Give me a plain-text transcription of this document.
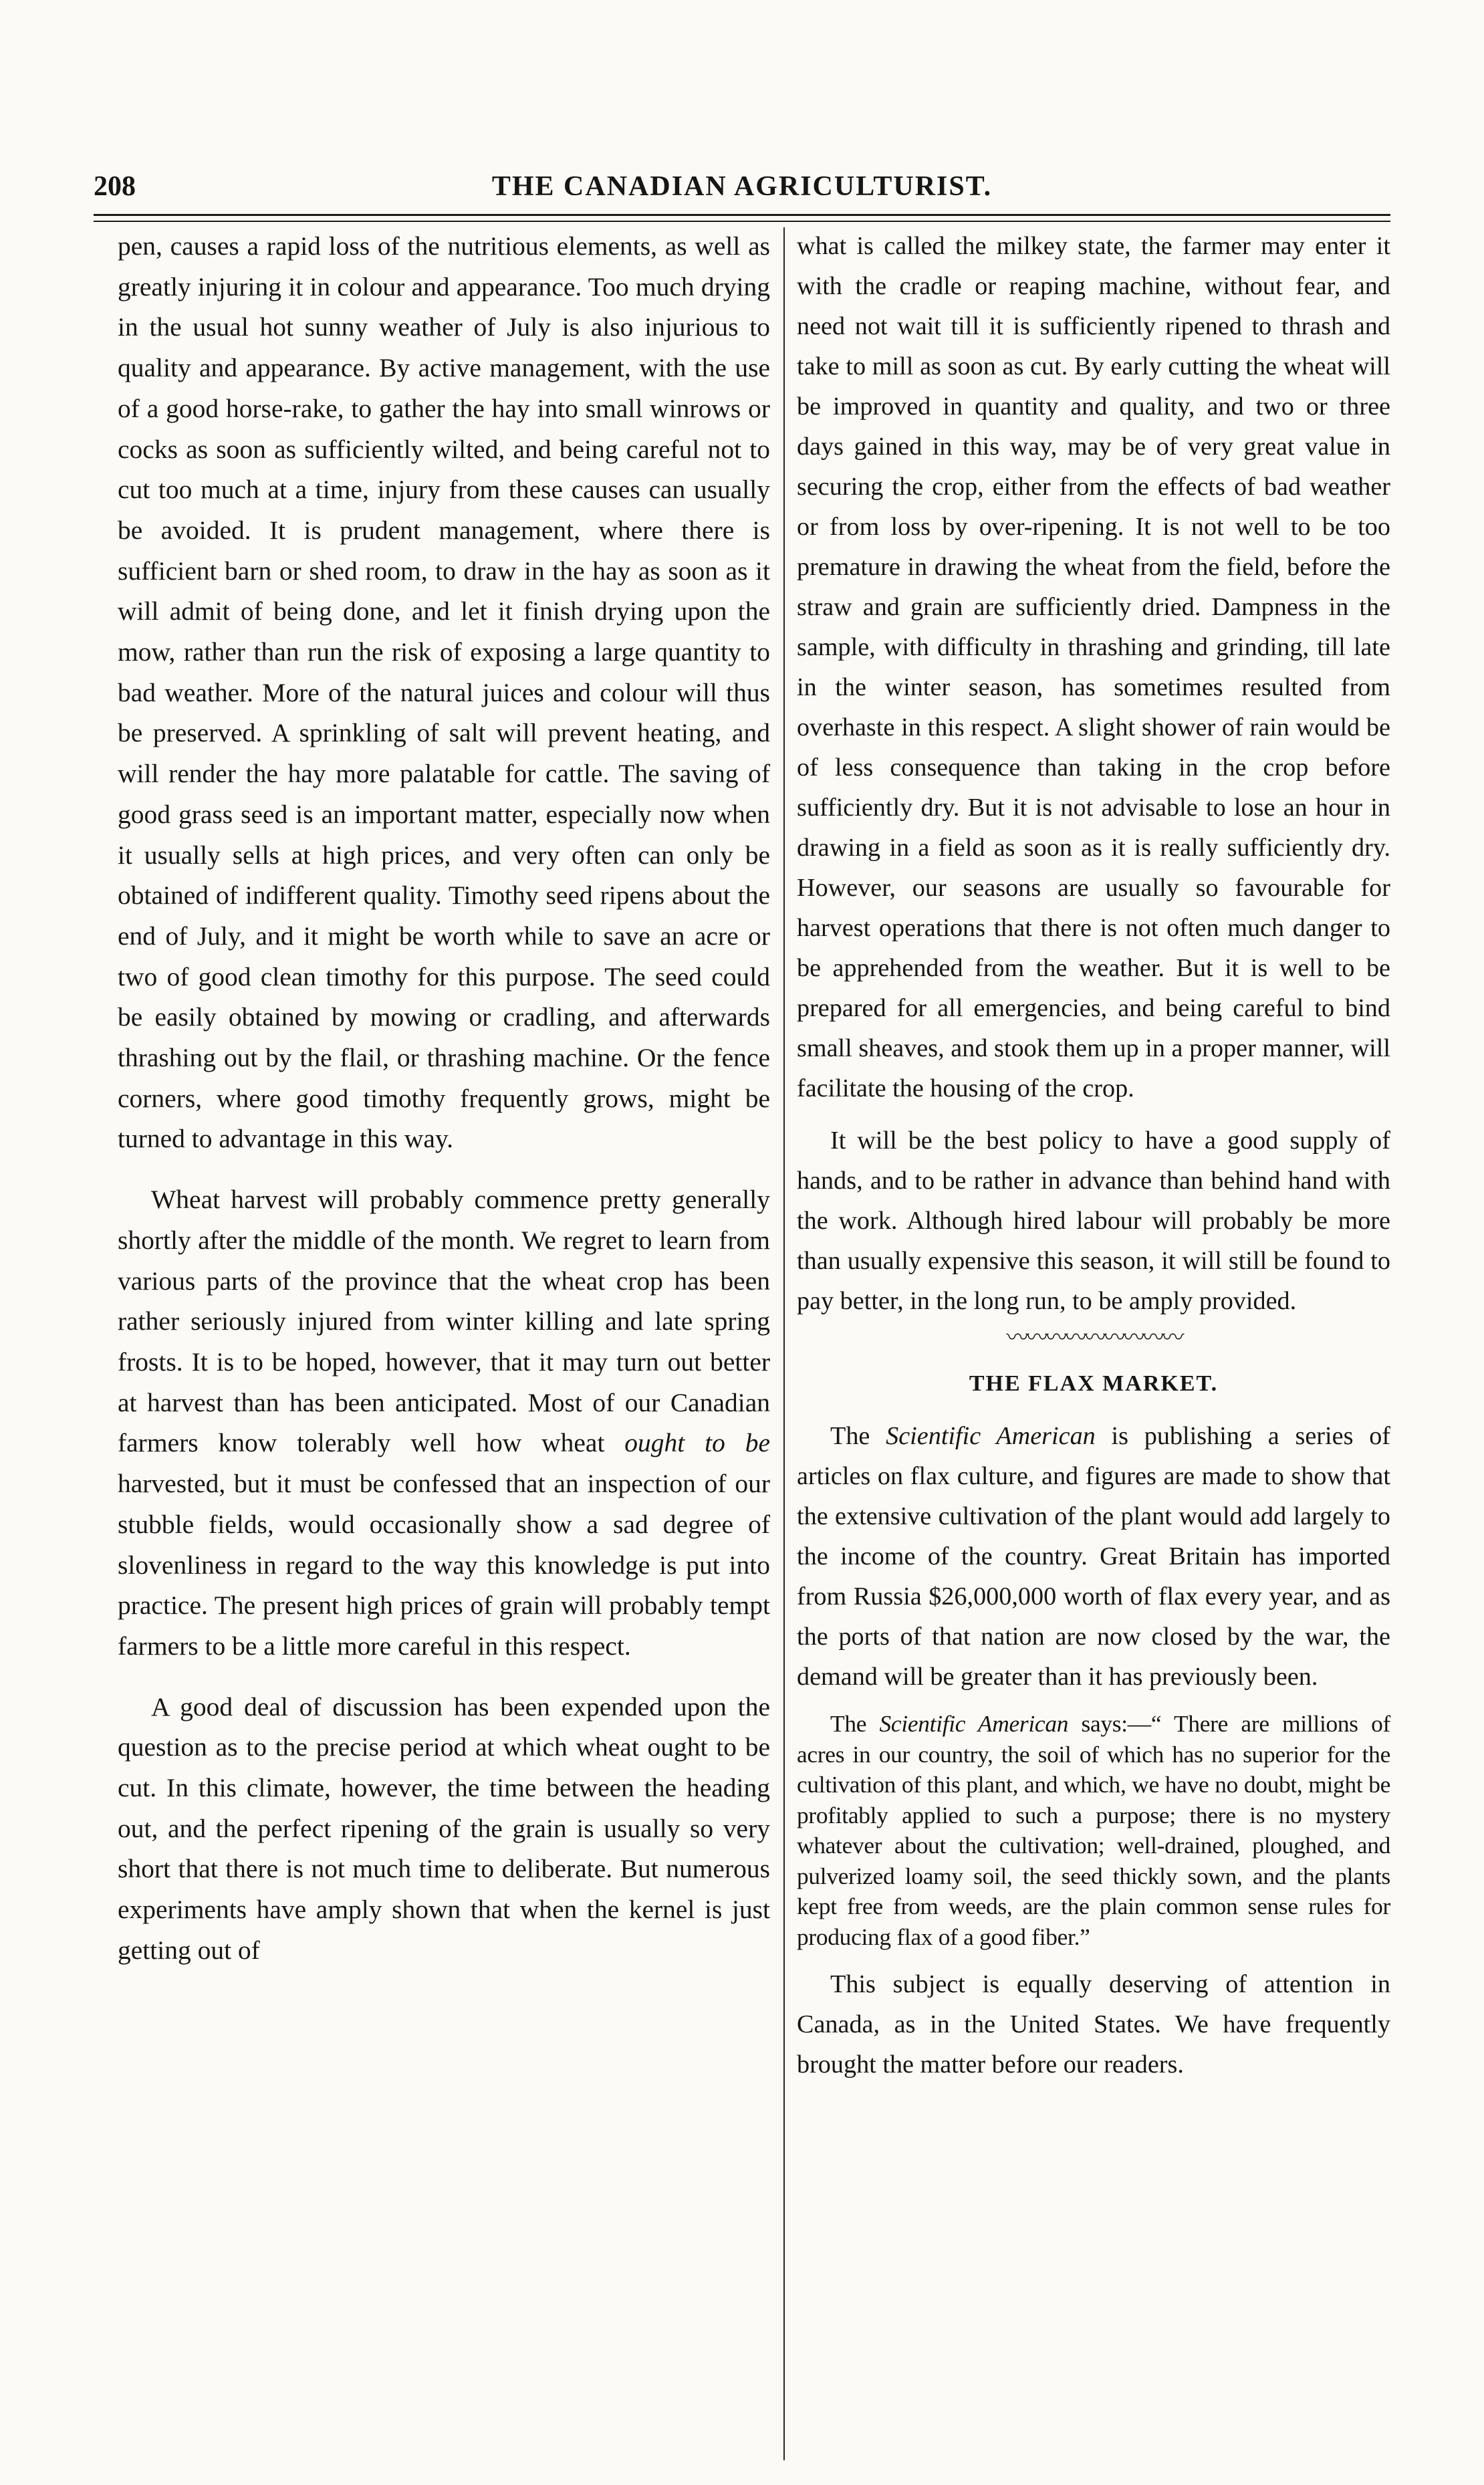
208	THE CANADIAN AGRICULTURIST.

pen, causes a rapid loss of the nutritious elements, as well as greatly injuring it in colour and appearance. Too much drying in the usual hot sunny weather of July is also injurious to quality and appearance. By active management, with the use of a good horse-rake, to gather the hay into small winrows or cocks as soon as sufficiently wilted, and being careful not to cut too much at a time, injury from these causes can usually be avoided. It is prudent management, where there is sufficient barn or shed room, to draw in the hay as soon as it will admit of being done, and let it finish drying upon the mow, rather than run the risk of exposing a large quantity to bad weather. More of the natural juices and colour will thus be preserved. A sprinkling of salt will prevent heating, and will render the hay more palatable for cattle. The saving of good grass seed is an important matter, especially now when it usually sells at high prices, and very often can only be obtained of indifferent quality. Timothy seed ripens about the end of July, and it might be worth while to save an acre or two of good clean timothy for this purpose. The seed could be easily obtained by mowing or cradling, and afterwards thrashing out by the flail, or thrashing machine. Or the fence corners, where good timothy frequently grows, might be turned to advantage in this way.

Wheat harvest will probably commence pretty generally shortly after the middle of the month. We regret to learn from various parts of the province that the wheat crop has been rather seriously injured from winter killing and late spring frosts. It is to be hoped, however, that it may turn out better at harvest than has been anticipated. Most of our Canadian farmers know tolerably well how wheat ought to be harvested, but it must be confessed that an inspection of our stubble fields, would occasionally show a sad degree of slovenliness in regard to the way this knowledge is put into practice. The present high prices of grain will probably tempt farmers to be a little more careful in this respect.

A good deal of discussion has been expended upon the question as to the precise period at which wheat ought to be cut. In this climate, however, the time between the heading out, and the perfect ripening of the grain is usually so very short that there is not much time to deliberate. But numerous experiments have amply shown that when the kernel is just getting out of

what is called the milkey state, the farmer may enter it with the cradle or reaping machine, without fear, and need not wait till it is sufficiently ripened to thrash and take to mill as soon as cut. By early cutting the wheat will be improved in quantity and quality, and two or three days gained in this way, may be of very great value in securing the crop, either from the effects of bad weather or from loss by over-ripening. It is not well to be too premature in drawing the wheat from the field, before the straw and grain are sufficiently dried. Dampness in the sample, with difficulty in thrashing and grinding, till late in the winter season, has sometimes resulted from overhaste in this respect. A slight shower of rain would be of less consequence than taking in the crop before sufficiently dry. But it is not advisable to lose an hour in drawing in a field as soon as it is really sufficiently dry. However, our seasons are usually so favourable for harvest operations that there is not often much danger to be apprehended from the weather. But it is well to be prepared for all emergencies, and being careful to bind small sheaves, and stook them up in a proper manner, will facilitate the housing of the crop.

It will be the best policy to have a good supply of hands, and to be rather in advance than behind hand with the work. Although hired labour will probably be more than usually expensive this season, it will still be found to pay better, in the long run, to be amply provided.

〰〰〰〰〰〰〰〰〰

THE FLAX MARKET.

The Scientific American is publishing a series of articles on flax culture, and figures are made to show that the extensive cultivation of the plant would add largely to the income of the country. Great Britain has imported from Russia $26,000,000 worth of flax every year, and as the ports of that nation are now closed by the war, the demand will be greater than it has previously been.

The Scientific American says:—“ There are millions of acres in our country, the soil of which has no superior for the cultivation of this plant, and which, we have no doubt, might be profitably applied to such a purpose; there is no mystery whatever about the cultivation; well-drained, ploughed, and pulverized loamy soil, the seed thickly sown, and the plants kept free from weeds, are the plain common sense rules for producing flax of a good fiber.”

This subject is equally deserving of attention in Canada, as in the United States. We have frequently brought the matter before our readers.
